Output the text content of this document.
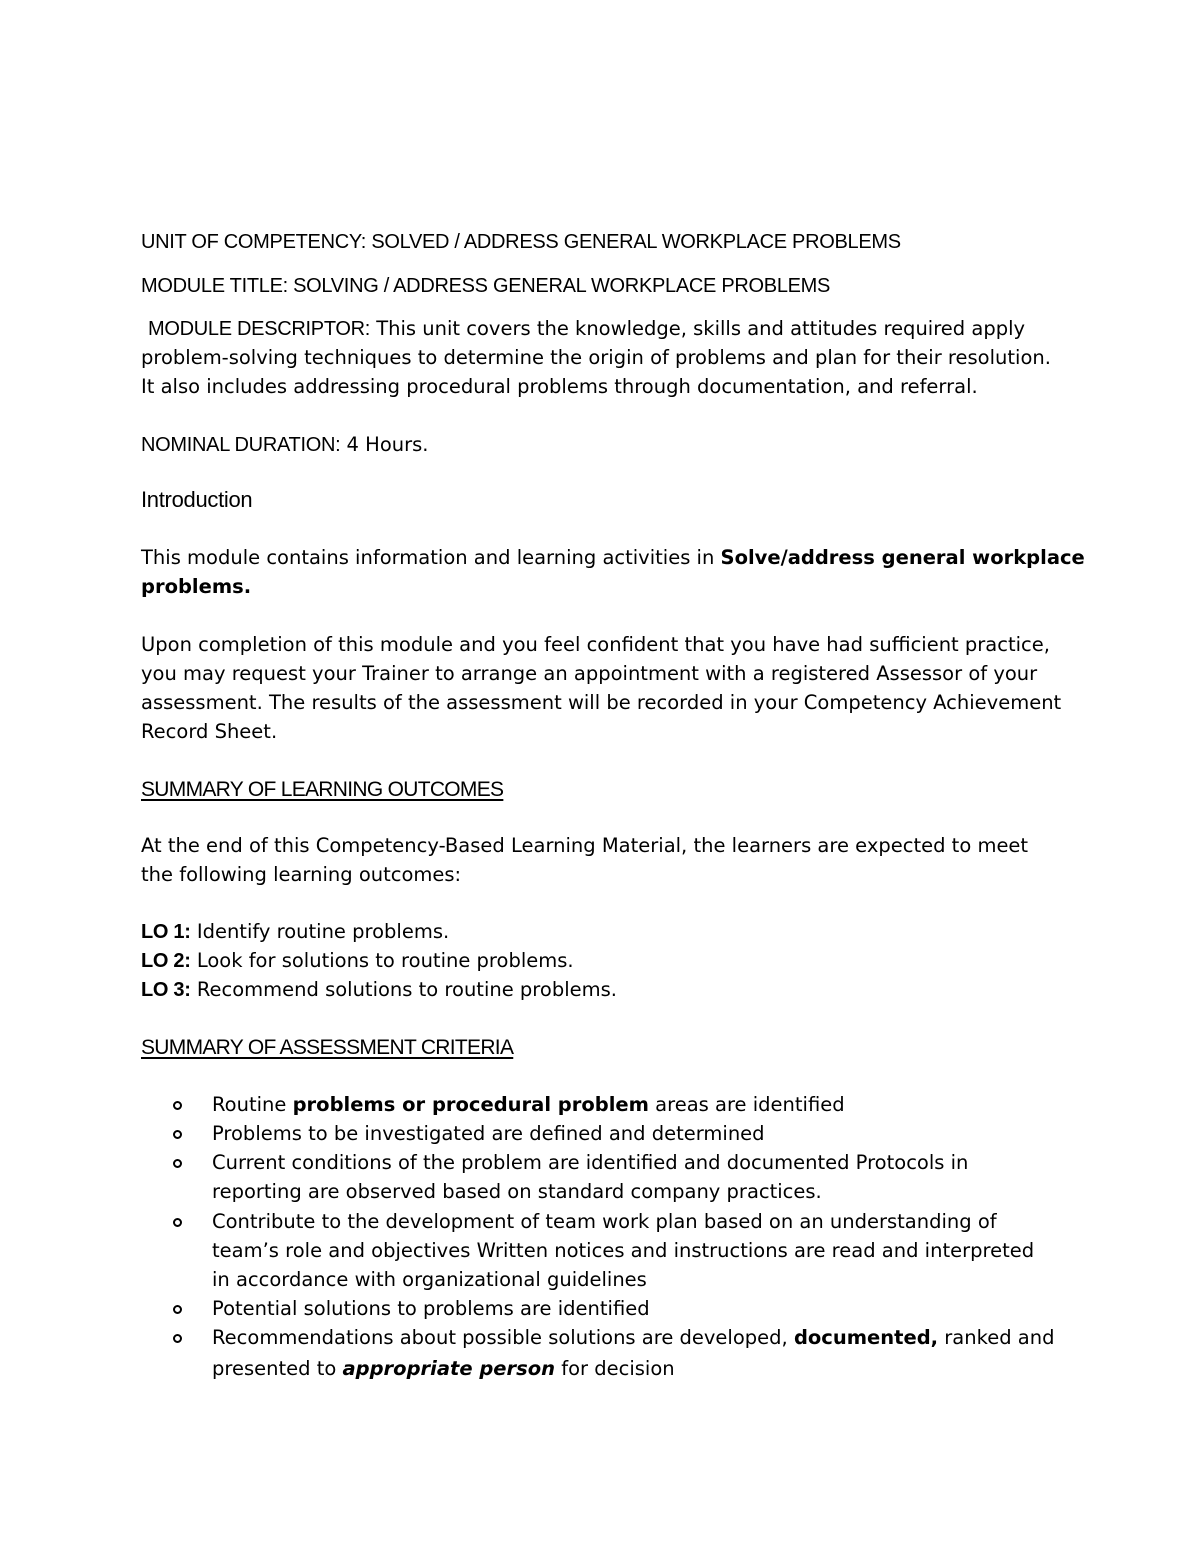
UNIT OF COMPETENCY: SOLVED / ADDRESS GENERAL WORKPLACE PROBLEMS
MODULE TITLE: SOLVING / ADDRESS GENERAL WORKPLACE PROBLEMS
MODULE DESCRIPTOR: This unit covers the knowledge, skills and attitudes required apply
problem-solving techniques to determine the origin of problems and plan for their resolution.
It also includes addressing procedural problems through documentation, and referral.
NOMINAL DURATION: 4 Hours.
Introduction
This module contains information and learning activities in Solve/address general workplace
problems.
Upon completion of this module and you feel confident that you have had sufficient practice,
you may request your Trainer to arrange an appointment with a registered Assessor of your
assessment. The results of the assessment will be recorded in your Competency Achievement
Record Sheet.
SUMMARY OF LEARNING OUTCOMES
At the end of this Competency-Based Learning Material, the learners are expected to meet
the following learning outcomes:
LO 1: Identify routine problems.
LO 2: Look for solutions to routine problems.
LO 3: Recommend solutions to routine problems.
SUMMARY OF ASSESSMENT CRITERIA
Routine problems or procedural problem areas are identified
Problems to be investigated are defined and determined
Current conditions of the problem are identified and documented Protocols in
reporting are observed based on standard company practices.
Contribute to the development of team work plan based on an understanding of
team’s role and objectives Written notices and instructions are read and interpreted
in accordance with organizational guidelines
Potential solutions to problems are identified
Recommendations about possible solutions are developed, documented, ranked and
presented to appropriate person for decision
